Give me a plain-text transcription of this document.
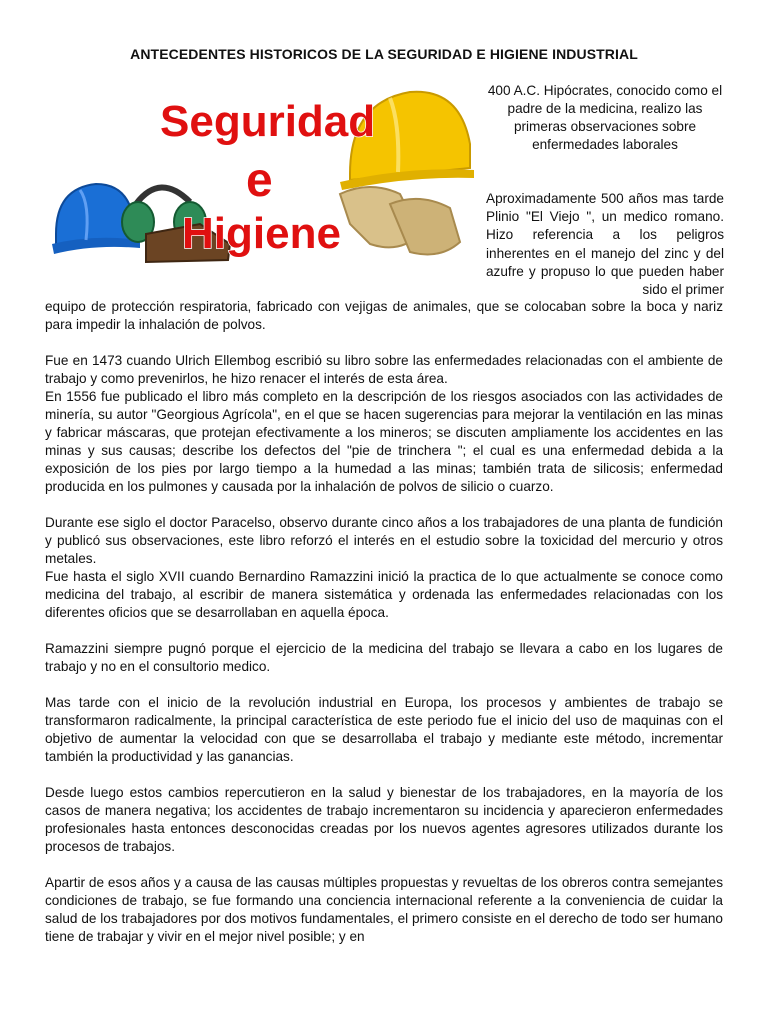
ANTECEDENTES HISTORICOS DE LA SEGURIDAD E HIGIENE INDUSTRIAL
Seguridad
e
Higiene
400 A.C. Hipócrates, conocido como el padre de la medicina, realizo las primeras observaciones sobre enfermedades laborales
Aproximadamente 500 años mas tarde Plinio "El Viejo ", un medico romano. Hizo referencia a los peligros inherentes en el manejo del zinc y del azufre y propuso lo que pueden haber sido el primer

equipo de protección respiratoria, fabricado con vejigas de animales, que se colocaban sobre la boca y nariz para impedir la inhalación de polvos.

Fue en 1473 cuando Ulrich Ellembog escribió su libro sobre las enfermedades relacionadas con el ambiente de trabajo y como prevenirlos, he hizo renacer el interés de esta área.

En 1556 fue publicado el libro más completo en la descripción de los riesgos asociados con las actividades de minería, su autor "Georgious Agrícola", en el que se hacen sugerencias para mejorar la ventilación en las minas y fabricar máscaras, que protejan efectivamente a los mineros; se discuten ampliamente los accidentes en las minas y sus causas; describe los defectos del "pie de trinchera "; el cual es una enfermedad debida a la exposición de los pies por largo tiempo a la humedad a las minas; también trata de silicosis; enfermedad producida en los pulmones y causada por la inhalación de polvos de silicio o cuarzo.

Durante ese siglo el doctor Paracelso, observo durante cinco años a los trabajadores de una planta de fundición y publicó sus observaciones, este libro reforzó el interés en el estudio sobre la toxicidad del mercurio y otros metales.

Fue hasta el siglo XVII cuando Bernardino Ramazzini inició la practica de lo que actualmente se conoce como medicina del trabajo, al escribir de manera sistemática y ordenada las enfermedades relacionadas con los diferentes oficios que se desarrollaban en aquella época.

Ramazzini siempre pugnó porque el ejercicio de la medicina del trabajo se llevara a cabo en los lugares de trabajo y no en el consultorio medico.

Mas tarde con el inicio de la revolución industrial en Europa, los procesos y ambientes de trabajo se transformaron radicalmente, la principal característica de este periodo fue el inicio del uso de maquinas con el objetivo de aumentar la velocidad con que se desarrollaba el trabajo y mediante este método, incrementar también la productividad y las ganancias.

Desde luego estos cambios repercutieron en la salud y bienestar de los trabajadores, en la mayoría de los casos de manera negativa; los accidentes de trabajo incrementaron su incidencia y aparecieron enfermedades profesionales hasta entonces desconocidas creadas por los nuevos agentes agresores utilizados durante los procesos de trabajos.

Apartir de esos años y a causa de las causas múltiples propuestas y revueltas de los obreros contra semejantes condiciones de trabajo, se fue formando una conciencia internacional referente a la conveniencia de cuidar la salud de los trabajadores por dos motivos fundamentales, el primero consiste en el derecho de todo ser humano tiene de trabajar y vivir en el mejor nivel posible; y en
